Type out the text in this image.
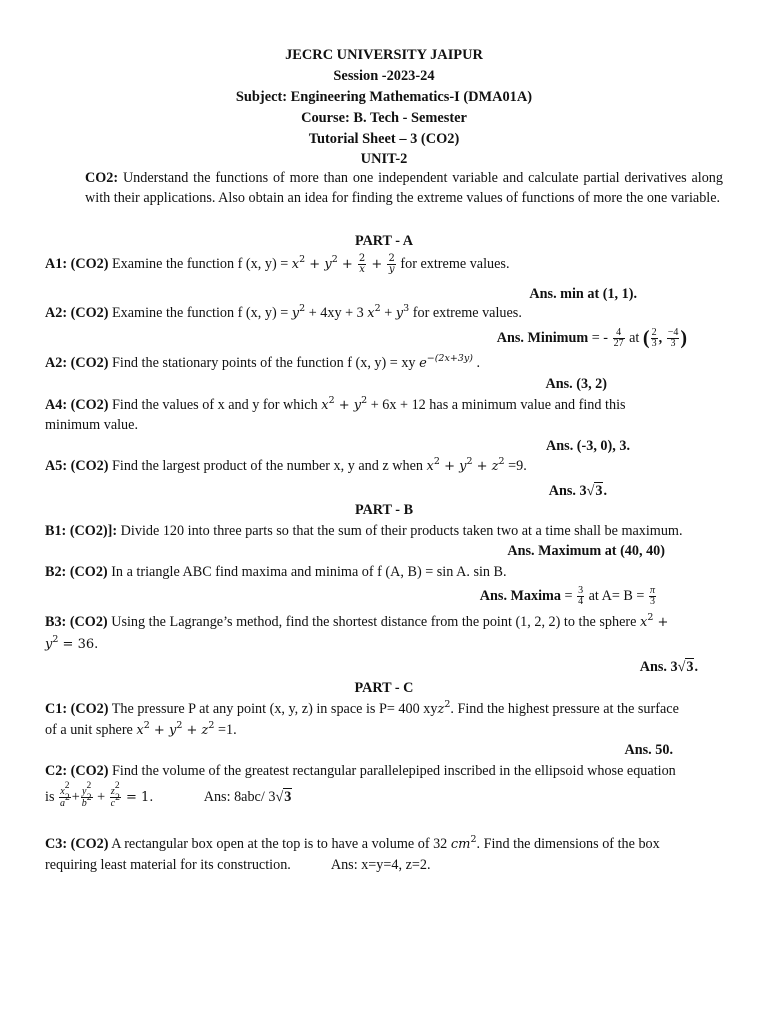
JECRC UNIVERSITY JAIPUR
Session -2023-24
Subject: Engineering Mathematics-I (DMA01A)
Course: B. Tech - Semester
Tutorial Sheet – 3 (CO2)
UNIT-2
CO2: Understand the functions of more than one independent variable and calculate partial derivatives along with their applications. Also obtain an idea for finding the extreme values of functions of more the one variable.
PART - A
A1: (CO2) Examine the function f (x, $y) = x^2 + y^2 + \frac{2}{x} + \frac{2}{y}$ for extreme values.
Ans. min at (1, 1).
A2: (CO2) Examine the function f (x, $y) = y^2 + 4xy + 3$ $x^2 + y^3$ for extreme values.
Ans. Minimum = - $\frac{4}{27}$ at ( $\frac{2}{3}$ , $\frac{-4}{3}$ )
A2: (CO2) Find the stationary points of the function f (x, y) = xy $e^{-(2x+3y)}$ .
Ans. (3, 2)
A4: (CO2) Find the values of x and y for which $x^2 + y^2 + 6x + 12$ has a minimum value and find this
minimum value.
Ans. (-3, 0), 3.
A5: (CO2) Find the largest product of the number x, y and z when $x^2 + y^2 + z^2 =9$.
Ans. 3√3.
PART - B
B1: (CO2)]: Divide 120 into three parts so that the sum of their products taken two at a time shall be maximum.
Ans. Maximum at (40, 40)
B2: (CO2) In a triangle ABC find maxima and minima of f (A, B) = sin A. sin B.
Ans. Maxima = $\frac{3}{4}$ at $A= B = \frac{\pi}{3}$
B3: (CO2) Using the Lagrange’s method, find the shortest distance from the point (1, 2, 2) to the sphere $x^2$ +
$y^2 = 36$.
Ans. 3√3.
PART - C
C1: (CO2) The pressure P at any point (x, y, z) in space is P= 400 xyz$^2$. Find the highest pressure at the surface
of a unit sphere $x^2 + y^2 + z^2 =1$.
Ans. 50.
C2: (CO2) Find the volume of the greatest rectangular parallelepiped inscribed in the ellipsoid whose equation
is $\frac{x^2}{a^2} + \frac{y^2}{b^2} + \frac{z^2}{c^2} = 1$.	Ans: 8abc/ 3√3
C3: (CO2) A rectangular box open at the top is to have a volume of 32 $cm^2$. Find the dimensions of the box
requiring least material for its construction.	Ans: x=y=4, z=2.
